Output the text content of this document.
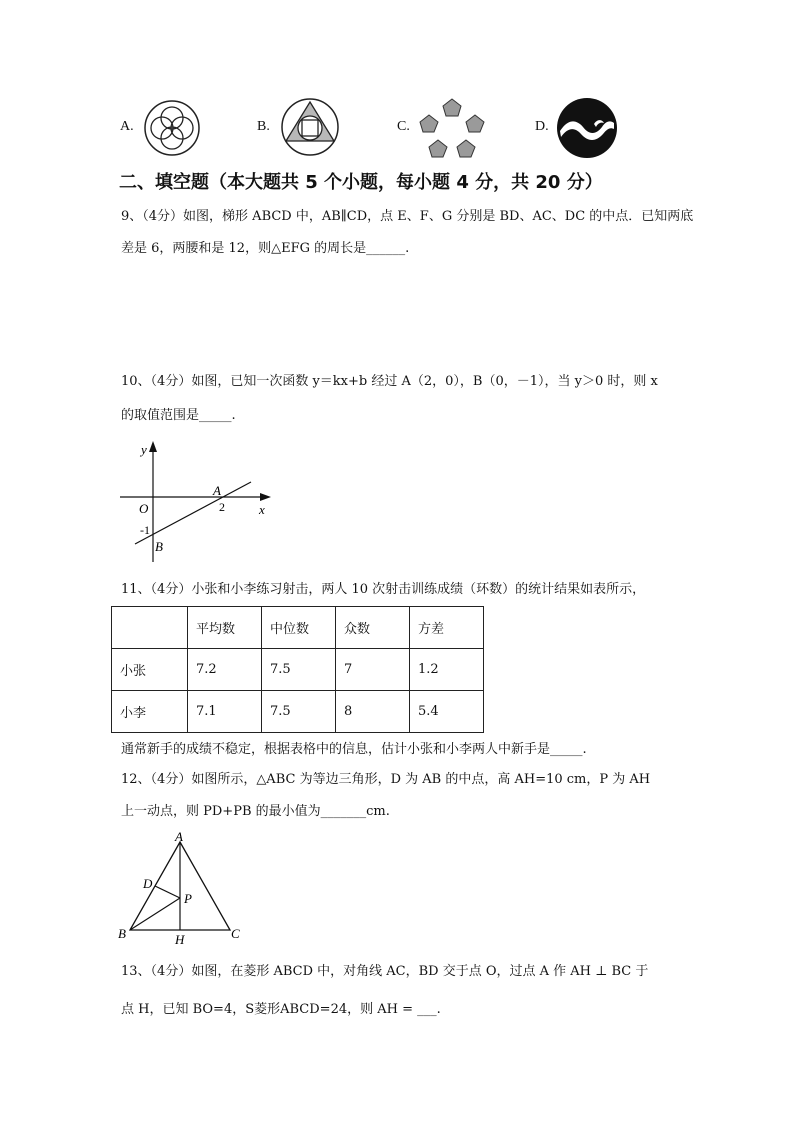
A.	B.	C.	D.
二、填空题（本大题共 5 个小题，每小题 4 分，共 20 分）
9、（4分）如图，梯形 ABCD 中，AB∥CD，点 E、F、G 分别是 BD、AC、DC 的中点．已知两底
差是 6，两腰和是 12，则△EFG 的周长是______.
10、（4分）如图，已知一次函数 y＝kx+b 经过 A（2，0），B（0，－1），当 y＞0 时，则 x
的取值范围是_____.
y
x
O
A
2
-1
B
11、（4分）小张和小李练习射击，两人 10 次射击训练成绩（环数）的统计结果如表所示，
	平均数	中位数	众数	方差
小张	7.2	7.5	7	1.2
小李	7.1	7.5	8	5.4
通常新手的成绩不稳定，根据表格中的信息，估计小张和小李两人中新手是_____.
12、（4分）如图所示，△ABC 为等边三角形，D 为 AB 的中点，高 AH=10 cm，P 为 AH
上一动点，则 PD+PB 的最小值为_______cm.
A
B	C
D
P
H
13、（4分）如图，在菱形 ABCD 中，对角线 AC，BD 交于点 O，过点 A 作 AH ⊥ BC 于
点 H，已知 BO=4，S菱形ABCD=24，则 AH = ___.
